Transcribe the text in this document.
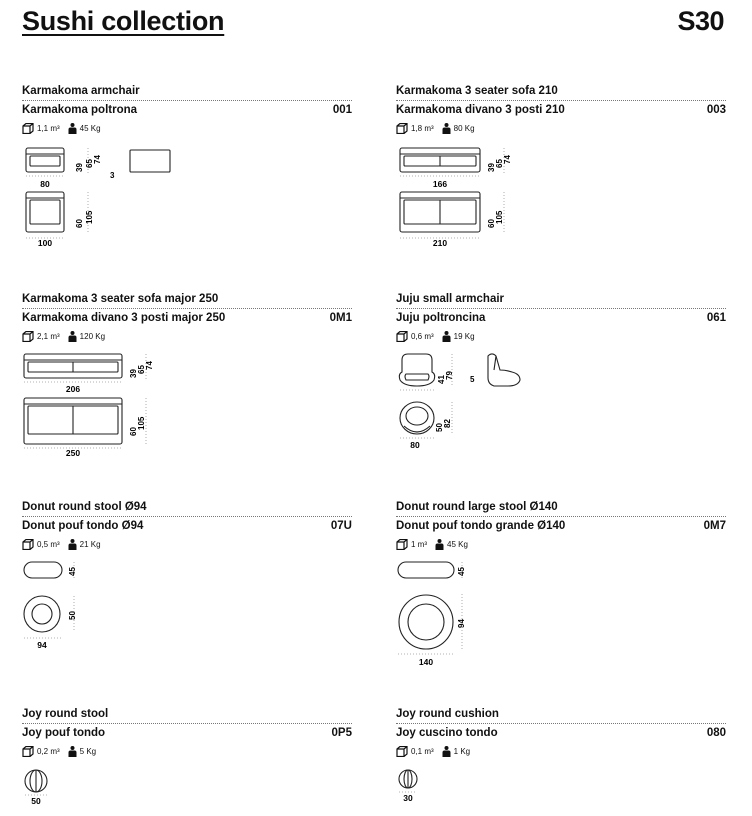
Sushi collection	S30
Karmakoma armchair
Karmakoma poltrona	001
1,1 m³	45 Kg
80
100
39 65 74
60 105
3
Karmakoma 3 seater sofa 210
Karmakoma divano 3 posti 210	003
1,8 m³	80 Kg
166
210
39 65 74
60 105
Karmakoma 3 seater sofa major 250
Karmakoma divano 3 posti major 250	0M1
2,1 m³	120 Kg
206
250
39 65 74
60
105
Juju small armchair
Juju poltroncina	061
0,6 m³	19 Kg
41 79 5
50 82
80
Donut round stool Ø94
Donut pouf tondo Ø94	07U
0,5 m³	21 Kg
45
50
94
Donut round large stool Ø140
Donut pouf tondo grande Ø140	0M7
1 m³	45 Kg
45
94
140
Joy round stool
Joy pouf tondo	0P5
0,2 m³	5 Kg
50
Joy round cushion
Joy cuscino tondo	080
0,1 m³	1 Kg
30
